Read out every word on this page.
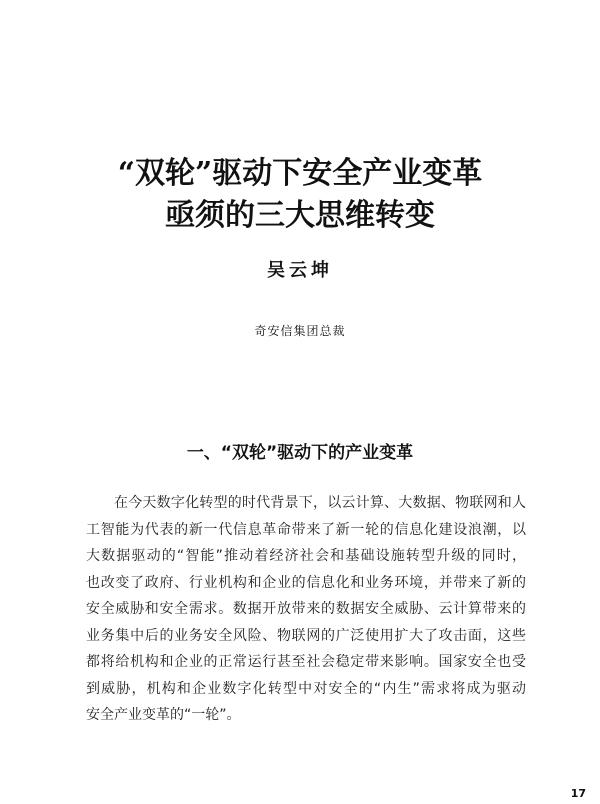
“双轮”驱动下安全产业变革
亟须的三大思维转变
吴云坤
奇安信集团总裁
一、“双轮”驱动下的产业变革
在今天数字化转型的时代背景下，以云计算、大数据、物联网和人
工智能为代表的新一代信息革命带来了新一轮的信息化建设浪潮，以
大数据驱动的“智能”推动着经济社会和基础设施转型升级的同时，
也改变了政府、行业机构和企业的信息化和业务环境，并带来了新的
安全威胁和安全需求。数据开放带来的数据安全威胁、云计算带来的
业务集中后的业务安全风险、物联网的广泛使用扩大了攻击面，这些
都将给机构和企业的正常运行甚至社会稳定带来影响。国家安全也受
到威胁，机构和企业数字化转型中对安全的“内生”需求将成为驱动
安全产业变革的“一轮”。
17
